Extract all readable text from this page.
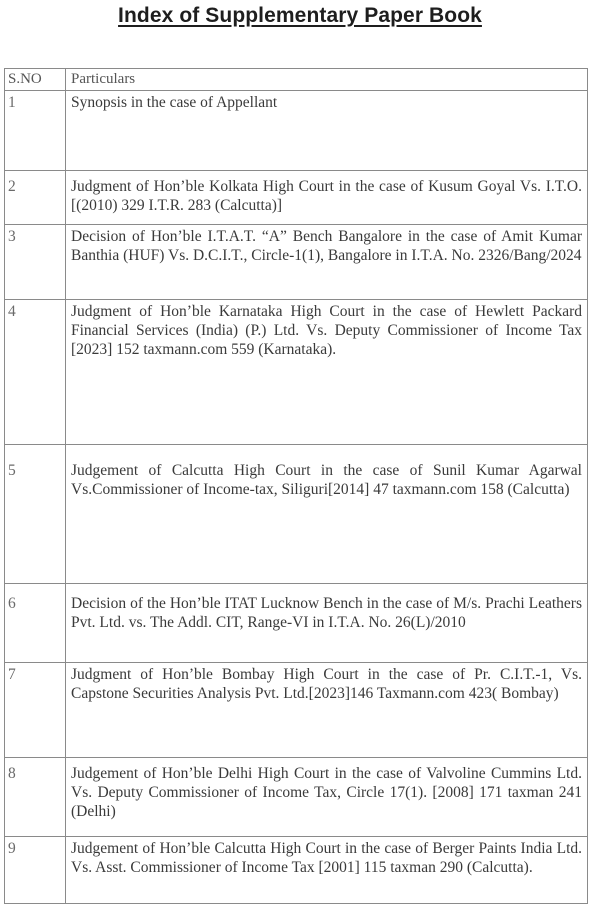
Index of Supplementary Paper Book
S.NO	Particulars
1	Synopsis in the case of Appellant
2	Judgment of Hon’ble Kolkata High Court in the case of Kusum Goyal Vs. I.T.O. [(2010) 329 I.T.R. 283 (Calcutta)]
3	Decision of Hon’ble I.T.A.T. “A” Bench Bangalore in the case of Amit Kumar Banthia (HUF) Vs. D.C.I.T., Circle-1(1), Bangalore in I.T.A. No. 2326/Bang/2024
4	Judgment of Hon’ble Karnataka High Court in the case of Hewlett Packard Financial Services (India) (P.) Ltd. Vs. Deputy Commissioner of Income Tax [2023] 152 taxmann.com 559 (Karnataka).
5	Judgement of Calcutta High Court in the case of Sunil Kumar Agarwal Vs.Commissioner of Income-tax, Siliguri[2014] 47 taxmann.com 158 (Calcutta)
6	Decision of the Hon’ble ITAT Lucknow Bench in the case of M/s. Prachi Leathers Pvt. Ltd. vs. The Addl. CIT, Range-VI in I.T.A. No. 26(L)/2010
7	Judgment of Hon’ble Bombay High Court in the case of Pr. C.I.T.-1, Vs. Capstone Securities Analysis Pvt. Ltd.[2023]146 Taxmann.com 423( Bombay)
8	Judgement of Hon’ble Delhi High Court in the case of Valvoline Cummins Ltd. Vs. Deputy Commissioner of Income Tax, Circle 17(1). [2008] 171 taxman 241 (Delhi)
9	Judgement of Hon’ble Calcutta High Court in the case of Berger Paints India Ltd. Vs. Asst. Commissioner of Income Tax [2001] 115 taxman 290 (Calcutta).
